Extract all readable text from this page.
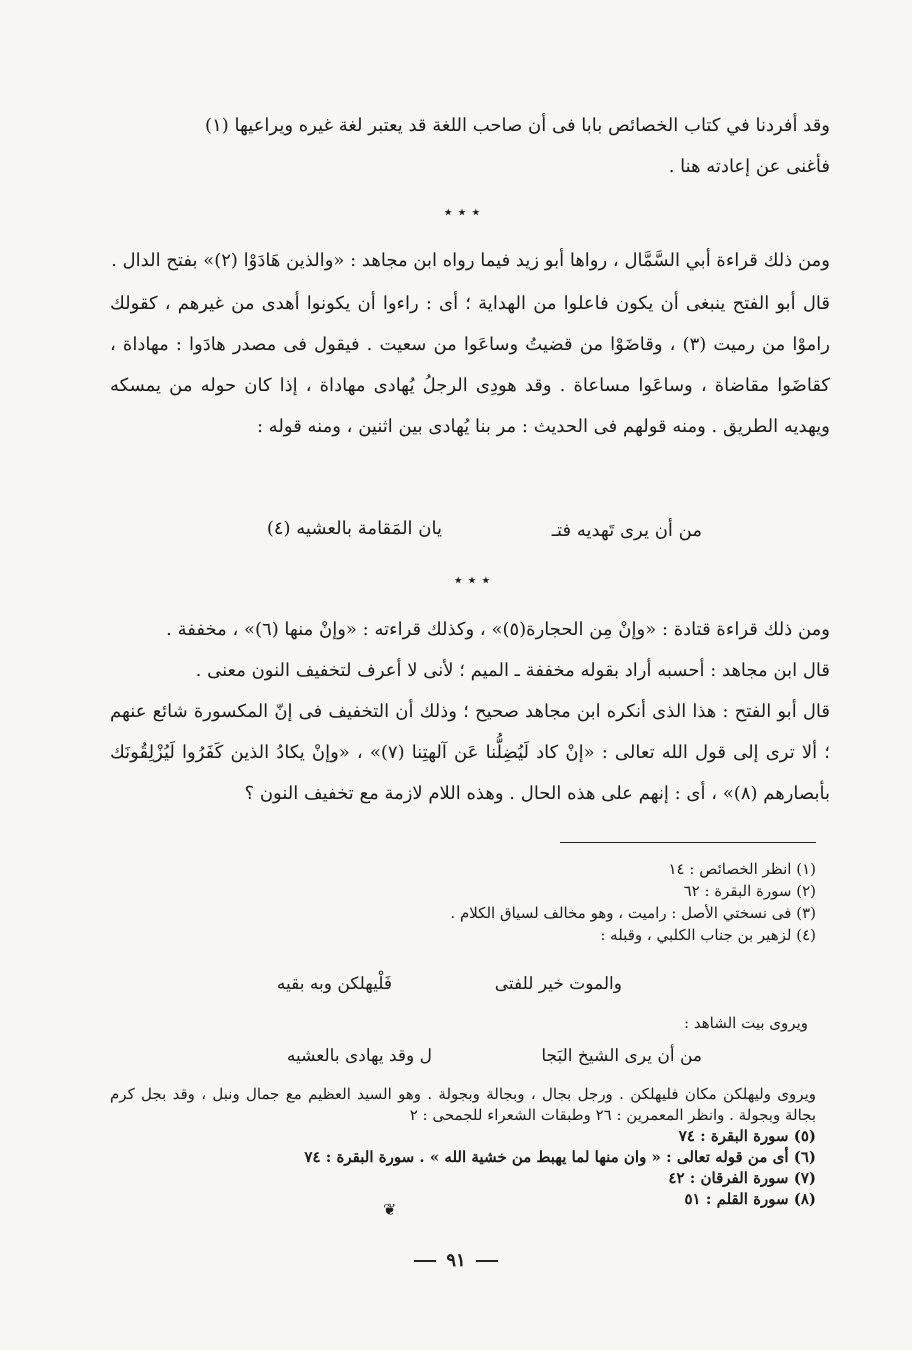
وقد أفردنا في كتاب الخصائص بابا فى أن صاحب اللغة قد يعتبر لغة غيره ويراعيها (١)

فأغنى عن إعادته هنا .

٭ ٭ ٭

ومن ذلك قراءة أبي السَّمَّال ، رواها أبو زيد فيما رواه ابن مجاهد : «والذين هَادَوْا (٢)» بفتح الدال .

قال أبو الفتح ينبغى أن يكون فاعلوا من الهداية ؛ أى : راءوا أن يكونوا أهدى من غيرهم ، كقولك راموْا من رميت (٣) ، وقاضَوْا من قضيتُ وساعَوا من سعيت . فيقول فى مصدر هادَوا : مهاداة ، كقاضَوا مقاضاة ، وساعَوا مساعاة . وقد هودِى الرجلُ يُهادى مهاداة ، إذا كان حوله من يمسكه ويهديه الطريق . ومنه قولهم فى الحديث : مر بنا يُهادى بين اثنين ، ومنه قوله :

من أن يرى تَهديه فتـ
يان المَقامة بالعشيه (٤)
٭ ٭ ٭

ومن ذلك قراءة قتادة : «وإنْ مِن الحجارة(٥)» ، وكذلك قراءته : «وإنْ منها (٦)» ، مخففة .

قال ابن مجاهد : أحسبه أراد بقوله مخففة ـ الميم ؛ لأنى لا أعرف لتخفيف النون معنى .

قال أبو الفتح : هذا الذى أنكره ابن مجاهد صحيح ؛ وذلك أن التخفيف فى إنّ المكسورة شائع عنهم ؛ ألا ترى إلى قول الله تعالى : «إنْ كاد لَيُضِلُّنا عَن آلهتِنا (٧)» ، «وإنْ يكادُ الذين كَفَرُوا لَيُزْلِقُونَك بأبصارهم (٨)» ، أى : إنهم على هذه الحال . وهذه اللام لازمة مع تخفيف النون ؟

(١) انظر الخصائص : ١٤

(٢) سورة البقرة : ٦٢

(٣) فى نسختي الأصل : راميت ، وهو مخالف لسياق الكلام .

(٤) لزهير بن جناب الكلبي ، وقبله :

والموت خير للفتى
فَلْيهلكن وبه بقيه
ويروى بيت الشاهد :
من أن يرى الشيخ البَجا
ل وقد يهادى بالعشيه

ويروى وليهلكن مكان فليهلكن . ورجل بجال ، وبجالة وبجولة . وهو السيد العظيم مع جمال ونبل ، وقد بجل كرم بجالة وبجولة . وانظر المعمرين : ٢٦ وطبقات الشعراء للجمحى : ٢

(٥) سورة البقرة : ٧٤

(٦) أى من قوله تعالى : « وان منها لما يهبط من خشية الله » . سورة البقرة : ٧٤

(٧) سورة الفرقان : ٤٢

(٨) سورة القلم : ٥١

❦
٩١
